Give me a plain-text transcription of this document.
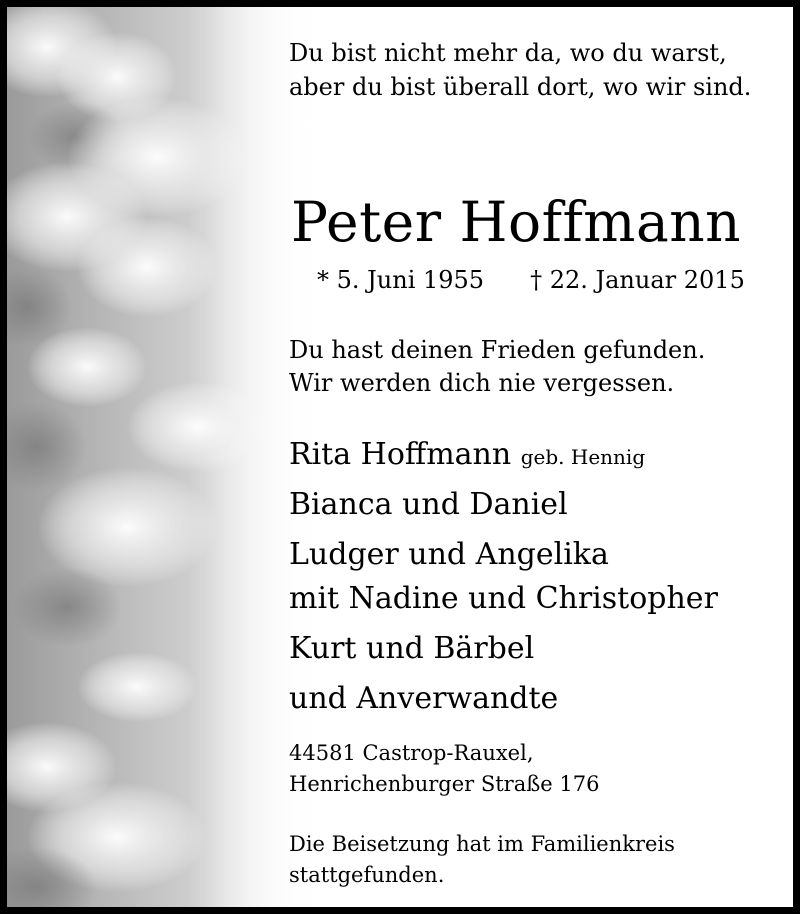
Du bist nicht mehr da, wo du warst,
aber du bist überall dort, wo wir sind.
Peter Hoffmann
* 5. Juni 1955 † 22. Januar 2015
Du hast deinen Frieden gefunden.
Wir werden dich nie vergessen.
Rita Hoffmann geb. Hennig
Bianca und Daniel
Ludger und Angelika
mit Nadine und Christopher
Kurt und Bärbel
und Anverwandte
44581 Castrop-Rauxel,
Henrichenburger Straße 176
Die Beisetzung hat im Familienkreis
stattgefunden.
